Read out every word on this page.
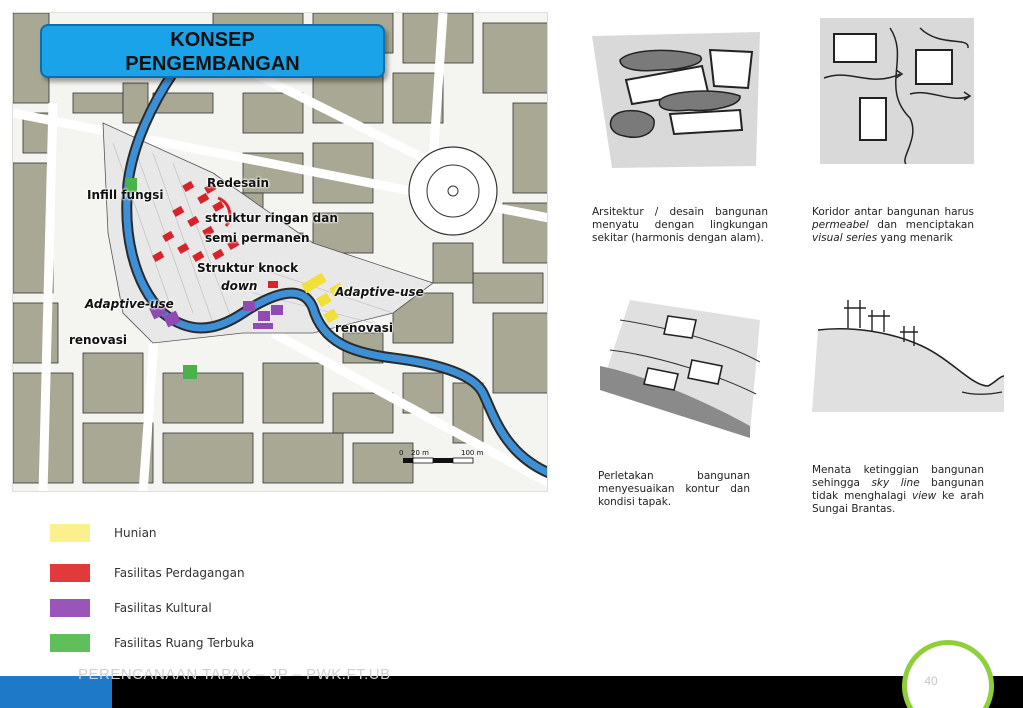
0 20 m	100 m
Infill fungsi
Redesain
struktur ringan dan
semi permanen
Struktur knock
down
Adaptive-use
renovasi
Adaptive-use
renovasi
KONSEP
PENGEMBANGAN
Hunian
Fasilitas Perdagangan
Fasilitas Kultural
Fasilitas Ruang Terbuka
Arsitektur / desain bangunan menyatu dengan lingkungan sekitar (harmonis dengan alam).
Koridor antar bangunan harus permeabel dan menciptakan visual series yang menarik
Perletakan bangunan menyesuaikan kontur dan kondisi tapak.
Menata ketinggian bangunan sehingga sky line bangunan tidak menghalagi view ke arah Sungai Brantas.
PERENCANAAN TAPAK – JP – PWK.FT.UB	40
